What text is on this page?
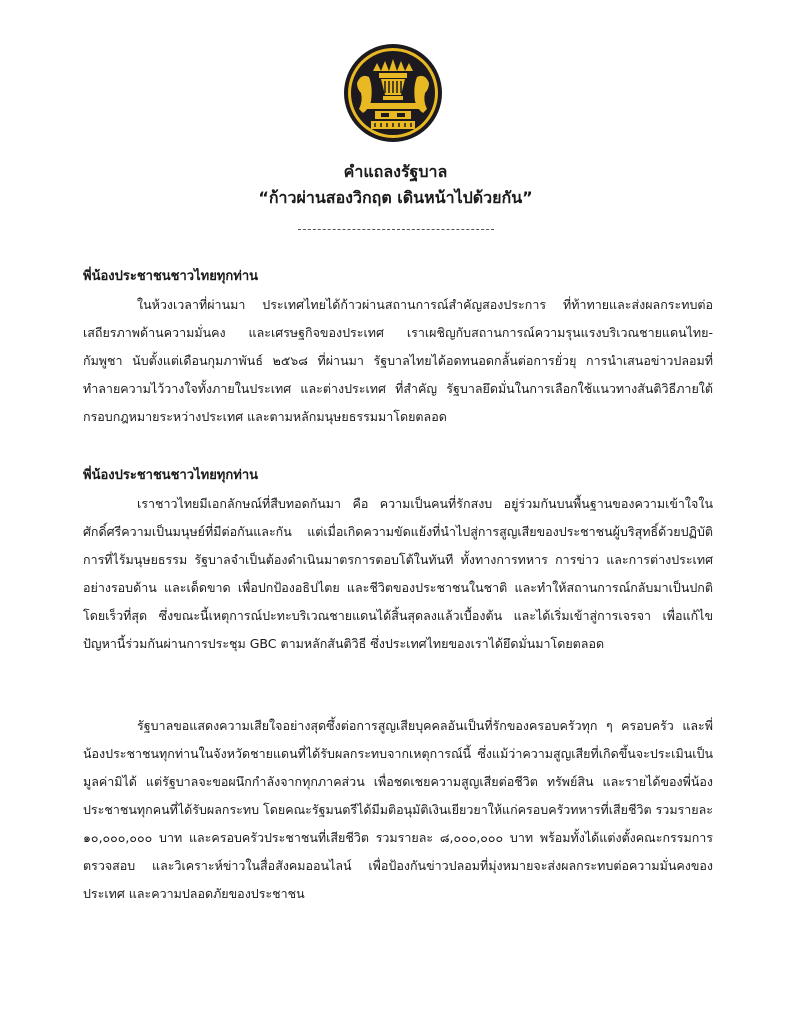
คำแถลงรัฐบาล
“ก้าวผ่านสองวิกฤต เดินหน้าไปด้วยกัน”
พี่น้องประชาชนชาวไทยทุกท่าน

ในห้วงเวลาที่ผ่านมา ประเทศไทยได้ก้าวผ่านสถานการณ์สำคัญสองประการ ที่ท้าทายและส่งผลกระทบต่อเสถียรภาพด้านความมั่นคง และเศรษฐกิจของประเทศ เราเผชิญกับสถานการณ์ความรุนแรงบริเวณชายแดนไทย-กัมพูชา นับตั้งแต่เดือนกุมภาพันธ์ ๒๕๖๘ ที่ผ่านมา รัฐบาลไทยได้อดทนอดกลั้นต่อการยั่วยุ การนำเสนอข่าวปลอมที่ทำลายความไว้วางใจทั้งภายในประเทศ และต่างประเทศ ที่สำคัญ รัฐบาลยึดมั่นในการเลือกใช้แนวทางสันติวิธีภายใต้กรอบกฎหมายระหว่างประเทศ และตามหลักมนุษยธรรมมาโดยตลอด

พี่น้องประชาชนชาวไทยทุกท่าน

เราชาวไทยมีเอกลักษณ์ที่สืบทอดกันมา คือ ความเป็นคนที่รักสงบ อยู่ร่วมกันบนพื้นฐานของความเข้าใจในศักดิ์ศรีความเป็นมนุษย์ที่มีต่อกันและกัน แต่เมื่อเกิดความขัดแย้งที่นำไปสู่การสูญเสียของประชาชนผู้บริสุทธิ์ด้วยปฏิบัติการที่ไร้มนุษยธรรม รัฐบาลจำเป็นต้องดำเนินมาตรการตอบโต้ในทันที ทั้งทางการทหาร การข่าว และการต่างประเทศอย่างรอบด้าน และเด็ดขาด เพื่อปกป้องอธิปไตย และชีวิตของประชาชนในชาติ และทำให้สถานการณ์กลับมาเป็นปกติโดยเร็วที่สุด ซึ่งขณะนี้เหตุการณ์ปะทะบริเวณชายแดนได้สิ้นสุดลงแล้วเบื้องต้น และได้เริ่มเข้าสู่การเจรจา เพื่อแก้ไขปัญหานี้ร่วมกันผ่านการประชุม GBC ตามหลักสันติวิธี ซึ่งประเทศไทยของเราได้ยึดมั่นมาโดยตลอด

รัฐบาลขอแสดงความเสียใจอย่างสุดซึ้งต่อการสูญเสียบุคคลอันเป็นที่รักของครอบครัวทุก ๆ ครอบครัว และพี่น้องประชาชนทุกท่านในจังหวัดชายแดนที่ได้รับผลกระทบจากเหตุการณ์นี้ ซึ่งแม้ว่าความสูญเสียที่เกิดขึ้นจะประเมินเป็นมูลค่ามิได้ แต่รัฐบาลจะขอผนึกกำลังจากทุกภาคส่วน เพื่อชดเชยความสูญเสียต่อชีวิต ทรัพย์สิน และรายได้ของพี่น้องประชาชนทุกคนที่ได้รับผลกระทบ โดยคณะรัฐมนตรีได้มีมติอนุมัติเงินเยียวยาให้แก่ครอบครัวทหารที่เสียชีวิต รวมรายละ ๑๐,๐๐๐,๐๐๐ บาท และครอบครัวประชาชนที่เสียชีวิต รวมรายละ ๘,๐๐๐,๐๐๐ บาท พร้อมทั้งได้แต่งตั้งคณะกรรมการตรวจสอบ และวิเคราะห์ข่าวในสื่อสังคมออนไลน์ เพื่อป้องกันข่าวปลอมที่มุ่งหมายจะส่งผลกระทบต่อความมั่นคงของประเทศ และความปลอดภัยของประชาชน
